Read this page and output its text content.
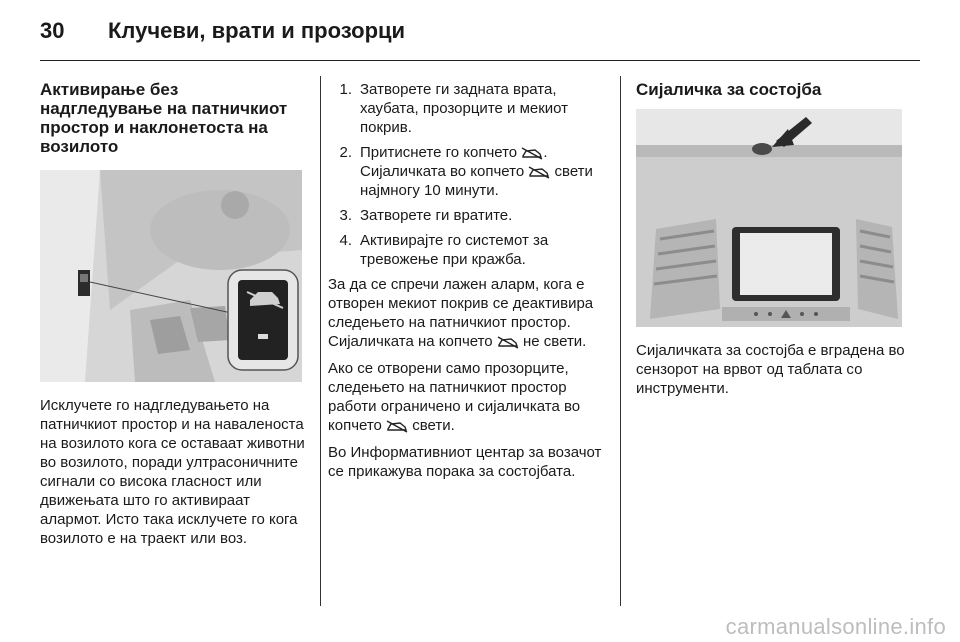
30 Клучеви, врати и прозорци
Активирање без надгледување на патничкиот простор и наклонетоста на возилото

Исклучете го надгледувањето на патничкиот простор и на навалeноста на возилото кога се оставаат животни во возилото, поради ултрасоничните сигнали со висока гласност или движењата што го активираат алармот. Исто така исклучете го кога возилото е на траект или воз.

1. Затворете ги задната врата, хаубата, прозорците и мекиот покрив.
2. Притиснете го копчето . Сијаличката во копчето свети најмногу 10 минути.
3. Затворете ги вратите.
4. Активирајте го системот за тревожење при кражба.

За да се спречи лажен аларм, кога е отворен мекиот покрив се деактивира следењето на патничкиот простор. Сијаличката на копчето не свети.

Ако се отворени само прозорците, следењето на патничкиот простор работи ограничено и сијаличката во копчето свети.

Во Информативниот центар за возачот се прикажува порака за состојбата.

Сијаличка за состојба

Сијаличката за состојба е вградена во сензорот на врвот од таблата со инструменти.

carmanualsonline.info
